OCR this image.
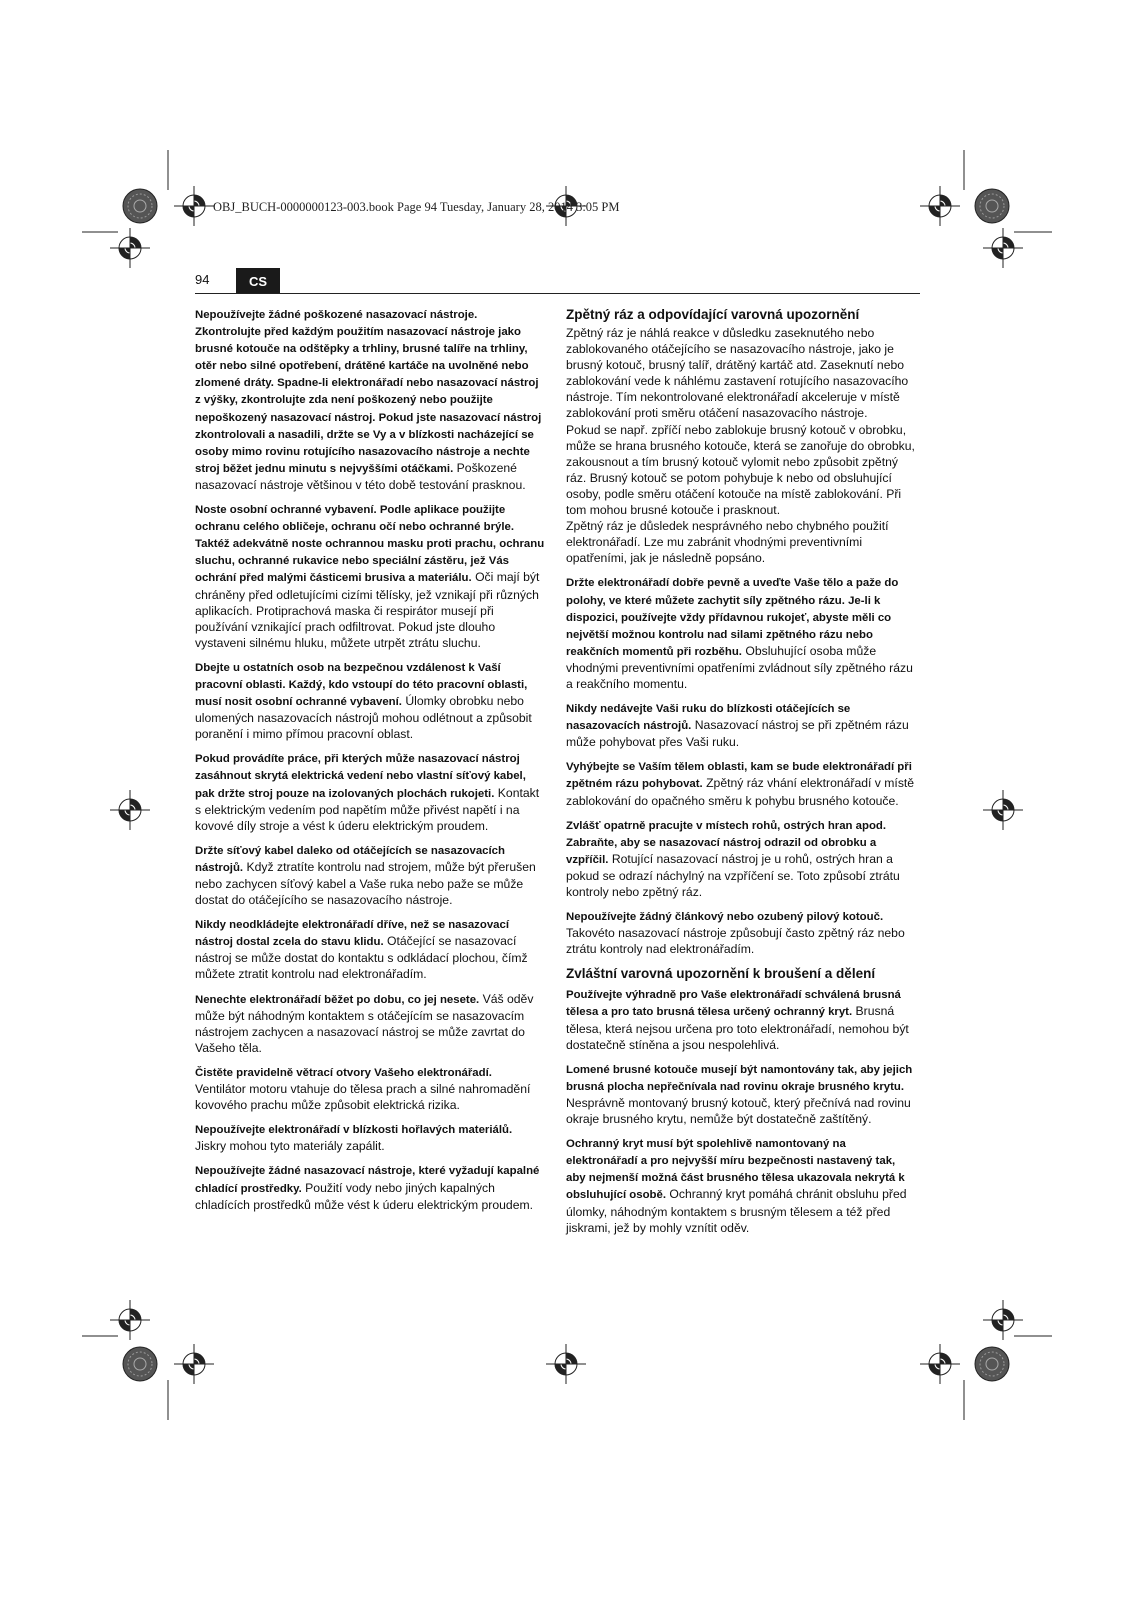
OBJ_BUCH-0000000123-003.book Page 94 Tuesday, January 28, 2014 3:05 PM
94	CS

Nepoužívejte žádné poškozené nasazovací nástroje. Zkontrolujte před každým použitím nasazovací nástroje jako brusné kotouče na odštěpky a trhliny, brusné talíře na trhliny, otěr nebo silné opotřebení, drátěné kartáče na uvolněné nebo zlomené dráty. Spadne-li elektronářadí nebo nasazovací nástroj z výšky, zkontrolujte zda není poškozený nebo použijte nepoškozený nasazovací nástroj. Pokud jste nasazovací nástroj zkontrolovali a nasadili, držte se Vy a v blízkosti nacházející se osoby mimo rovinu rotujícího nasazovacího nástroje a nechte stroj běžet jednu minutu s nejvyššími otáčkami. Poškozené nasazovací nástroje většinou v této době testování prasknou.

Noste osobní ochranné vybavení. Podle aplikace použijte ochranu celého obličeje, ochranu očí nebo ochranné brýle. Taktéž adekvátně noste ochrannou masku proti prachu, ochranu sluchu, ochranné rukavice nebo speciální zástěru, jež Vás ochrání před malými částicemi brusiva a materiálu. Oči mají být chráněny před odletujícími cizími tělísky, jež vznikají při různých aplikacích. Protiprachová maska či respirátor musejí při používání vznikající prach odfiltrovat. Pokud jste dlouho vystaveni silnému hluku, můžete utrpět ztrátu sluchu.

Dbejte u ostatních osob na bezpečnou vzdálenost k Vaší pracovní oblasti. Každý, kdo vstoupí do této pracovní oblasti, musí nosit osobní ochranné vybavení. Úlomky obrobku nebo ulomených nasazovacích nástrojů mohou odlétnout a způsobit poranění i mimo přímou pracovní oblast.

Pokud provádíte práce, při kterých může nasazovací nástroj zasáhnout skrytá elektrická vedení nebo vlastní síťový kabel, pak držte stroj pouze na izolovaných plochách rukojeti. Kontakt s elektrickým vedením pod napětím může přivést napětí i na kovové díly stroje a vést k úderu elektrickým proudem.

Držte síťový kabel daleko od otáčejících se nasazovacích nástrojů. Když ztratíte kontrolu nad strojem, může být přerušen nebo zachycen síťový kabel a Vaše ruka nebo paže se může dostat do otáčejícího se nasazovacího nástroje.

Nikdy neodkládejte elektronářadí dříve, než se nasazovací nástroj dostal zcela do stavu klidu. Otáčející se nasazovací nástroj se může dostat do kontaktu s odkládací plochou, čímž můžete ztratit kontrolu nad elektronářadím.

Nenechte elektronářadí běžet po dobu, co jej nesete. Váš oděv může být náhodným kontaktem s otáčejícím se nasazovacím nástrojem zachycen a nasazovací nástroj se může zavrtat do Vašeho těla.

Čistěte pravidelně větrací otvory Vašeho elektronářadí. Ventilátor motoru vtahuje do tělesa prach a silné nahromadění kovového prachu může způsobit elektrická rizika.

Nepoužívejte elektronářadí v blízkosti hořlavých materiálů. Jiskry mohou tyto materiály zapálit.

Nepoužívejte žádné nasazovací nástroje, které vyžadují kapalné chladící prostředky. Použití vody nebo jiných kapalných chladících prostředků může vést k úderu elektrickým proudem.

Zpětný ráz a odpovídající varovná upozornění

Zpětný ráz je náhlá reakce v důsledku zaseknutého nebo zablokovaného otáčejícího se nasazovacího nástroje, jako je brusný kotouč, brusný talíř, drátěný kartáč atd. Zaseknutí nebo zablokování vede k náhlému zastavení rotujícího nasazovacího nástroje. Tím nekontrolované elektronářadí akceleruje v místě zablokování proti směru otáčení nasazovacího nástroje.

Pokud se např. zpříčí nebo zablokuje brusný kotouč v obrobku, může se hrana brusného kotouče, která se zanořuje do obrobku, zakousnout a tím brusný kotouč vylomit nebo způsobit zpětný ráz. Brusný kotouč se potom pohybuje k nebo od obsluhující osoby, podle směru otáčení kotouče na místě zablokování. Při tom mohou brusné kotouče i prasknout.

Zpětný ráz je důsledek nesprávného nebo chybného použití elektronářadí. Lze mu zabránit vhodnými preventivními opatřeními, jak je následně popsáno.

Držte elektronářadí dobře pevně a uveďte Vaše tělo a paže do polohy, ve které můžete zachytit síly zpětného rázu. Je-li k dispozici, používejte vždy přídavnou rukojeť, abyste měli co největší možnou kontrolu nad silami zpětného rázu nebo reakčních momentů při rozběhu. Obsluhující osoba může vhodnými preventivními opatřeními zvládnout síly zpětného rázu a reakčního momentu.

Nikdy nedávejte Vaši ruku do blízkosti otáčejících se nasazovacích nástrojů. Nasazovací nástroj se při zpětném rázu může pohybovat přes Vaši ruku.

Vyhýbejte se Vaším tělem oblasti, kam se bude elektronářadí při zpětném rázu pohybovat. Zpětný ráz vhání elektronářadí v místě zablokování do opačného směru k pohybu brusného kotouče.

Zvlášť opatrně pracujte v místech rohů, ostrých hran apod. Zabraňte, aby se nasazovací nástroj odrazil od obrobku a vzpříčil. Rotující nasazovací nástroj je u rohů, ostrých hran a pokud se odrazí náchylný na vzpříčení se. Toto způsobí ztrátu kontroly nebo zpětný ráz.

Nepoužívejte žádný článkový nebo ozubený pilový kotouč. Takovéto nasazovací nástroje způsobují často zpětný ráz nebo ztrátu kontroly nad elektronářadím.

Zvláštní varovná upozornění k broušení a dělení

Používejte výhradně pro Vaše elektronářadí schválená brusná tělesa a pro tato brusná tělesa určený ochranný kryt. Brusná tělesa, která nejsou určena pro toto elektronářadí, nemohou být dostatečně stíněna a jsou nespolehlivá.

Lomené brusné kotouče musejí být namontovány tak, aby jejich brusná plocha nepřečnívala nad rovinu okraje brusného krytu. Nesprávně montovaný brusný kotouč, který přečnívá nad rovinu okraje brusného krytu, nemůže být dostatečně zaštítěný.

Ochranný kryt musí být spolehlivě namontovaný na elektronářadí a pro nejvyšší míru bezpečnosti nastavený tak, aby nejmenší možná část brusného tělesa ukazovala nekrytá k obsluhující osobě. Ochranný kryt pomáhá chránit obsluhu před úlomky, náhodným kontaktem s brusným tělesem a též před jiskrami, jež by mohly vznítit oděv.
